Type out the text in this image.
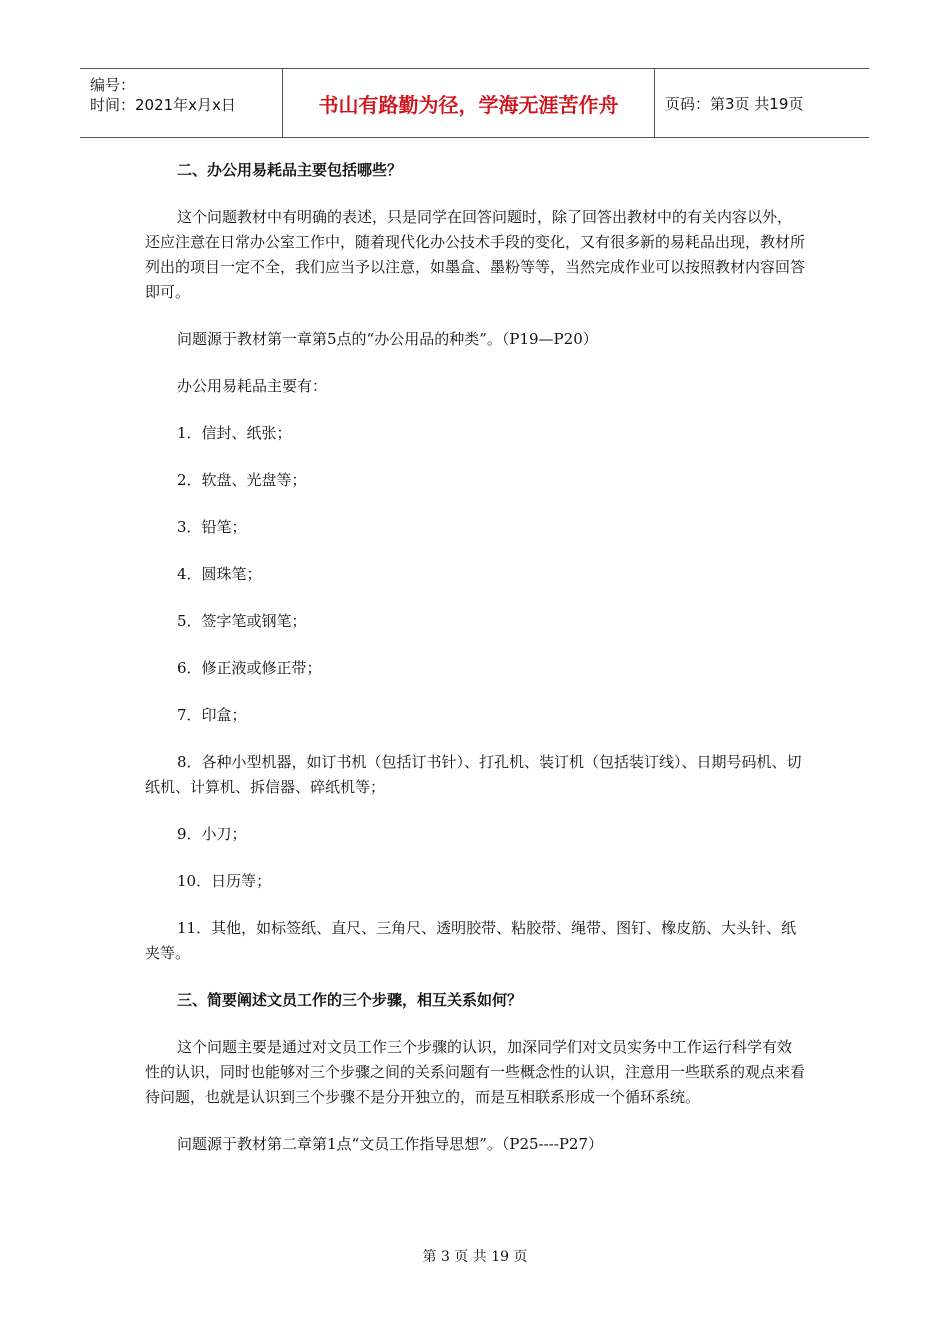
编号：
时间：2021年x月x日	书山有路勤为径，学海无涯苦作舟	页码：第3页 共19页

二、办公用易耗品主要包括哪些？

这个问题教材中有明确的表述，只是同学在回答问题时，除了回答出教材中的有关内容以外，还应注意在日常办公室工作中，随着现代化办公技术手段的变化，又有很多新的易耗品出现，教材所列出的项目一定不全，我们应当予以注意，如墨盒、墨粉等等，当然完成作业可以按照教材内容回答即可。

问题源于教材第一章第5点的“办公用品的种类”。（P19—P20）

办公用易耗品主要有：

1．信封、纸张；

2．软盘、光盘等；

3．铅笔；

4．圆珠笔；

5．签字笔或钢笔；

6．修正液或修正带；

7．印盒；

8．各种小型机器，如订书机（包括订书针）、打孔机、装订机（包括装订线）、日期号码机、切纸机、计算机、拆信器、碎纸机等；

9．小刀；

10．日历等；

11．其他，如标签纸、直尺、三角尺、透明胶带、粘胶带、绳带、图钉、橡皮筋、大头针、纸夹等。

三、简要阐述文员工作的三个步骤，相互关系如何？

这个问题主要是通过对文员工作三个步骤的认识，加深同学们对文员实务中工作运行科学有效性的认识，同时也能够对三个步骤之间的关系问题有一些概念性的认识，注意用一些联系的观点来看待问题，也就是认识到三个步骤不是分开独立的，而是互相联系形成一个循环系统。

问题源于教材第二章第1点“文员工作指导思想”。（P25----P27）

第 3 页 共 19 页
